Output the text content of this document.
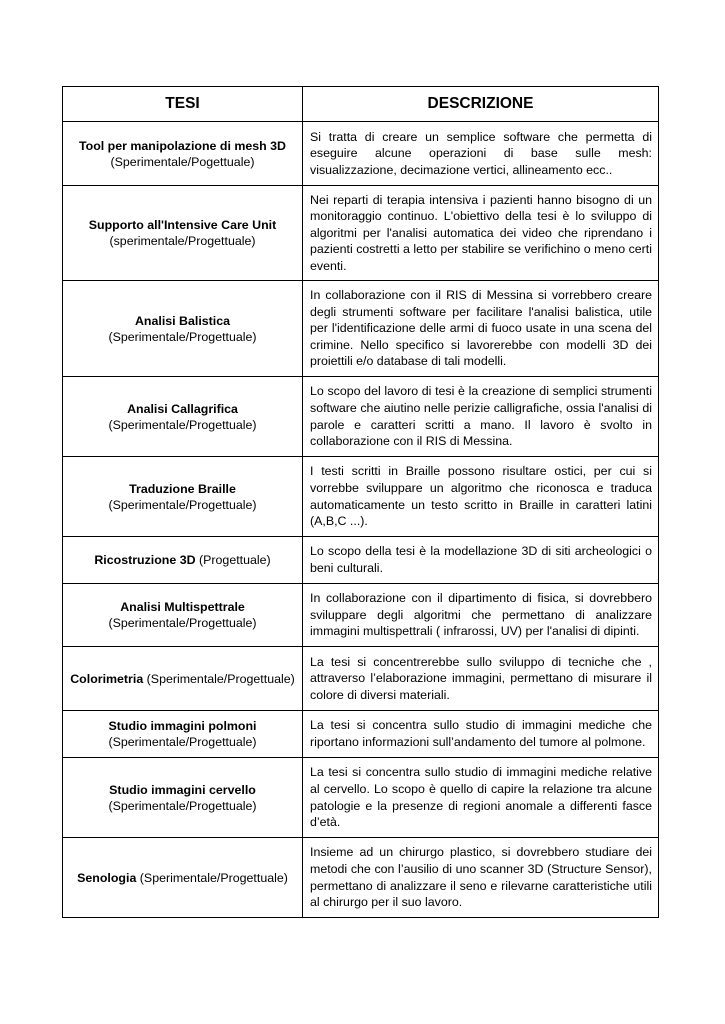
TESI	DESCRIZIONE
Tool per manipolazione di mesh 3D
(Sperimentale/Pogettuale)	Si tratta di creare un semplice software che permetta di eseguire alcune operazioni di base sulle mesh: visualizzazione, decimazione vertici, allineamento ecc..
Supporto all'Intensive Care Unit
(sperimentale/Progettuale)	Nei reparti di terapia intensiva i pazienti hanno bisogno di un monitoraggio continuo. L'obiettivo della tesi è lo sviluppo di algoritmi per l'analisi automatica dei video che riprendano i pazienti costretti a letto per stabilire se verifichino o meno certi eventi.
Analisi Balistica
(Sperimentale/Progettuale)	In collaborazione con il RIS di Messina si vorrebbero creare degli strumenti software per facilitare l'analisi balistica, utile per l'identificazione delle armi di fuoco usate in una scena del crimine. Nello specifico si lavorerebbe con modelli 3D dei proiettili e/o database di tali modelli.
Analisi Callagrifica
(Sperimentale/Progettuale)	Lo scopo del lavoro di tesi è la creazione di semplici strumenti software che aiutino nelle perizie calligrafiche, ossia l'analisi di parole e caratteri scritti a mano. Il lavoro è svolto in collaborazione con il RIS di Messina.
Traduzione Braille
(Sperimentale/Progettuale)	I testi scritti in Braille possono risultare ostici, per cui si vorrebbe sviluppare un algoritmo che riconosca e traduca automaticamente un testo scritto in Braille in caratteri latini (A,B,C ...).
Ricostruzione 3D (Progettuale)	Lo scopo della tesi è la modellazione 3D di siti archeologici o beni culturali.
Analisi Multispettrale
(Sperimentale/Progettuale)	In collaborazione con il dipartimento di fisica, si dovrebbero sviluppare degli algoritmi che permettano di analizzare immagini multispettrali ( infrarossi, UV) per l'analisi di dipinti.
Colorimetria (Sperimentale/Progettuale)	La tesi si concentrerebbe sullo sviluppo di tecniche che , attraverso l’elaborazione immagini, permettano di misurare il colore di diversi materiali.
Studio immagini polmoni
(Sperimentale/Progettuale)	La tesi si concentra sullo studio di immagini mediche che riportano informazioni sull’andamento del tumore al polmone.
Studio immagini cervello
(Sperimentale/Progettuale)	La tesi si concentra sullo studio di immagini mediche relative al cervello. Lo scopo è quello di capire la relazione tra alcune patologie e la presenze di regioni anomale a differenti fasce d’età.
Senologia (Sperimentale/Progettuale)	Insieme ad un chirurgo plastico, si dovrebbero studiare dei metodi che con l’ausilio di uno scanner 3D (Structure Sensor), permettano di analizzare il seno e rilevarne caratteristiche utili al chirurgo per il suo lavoro.
